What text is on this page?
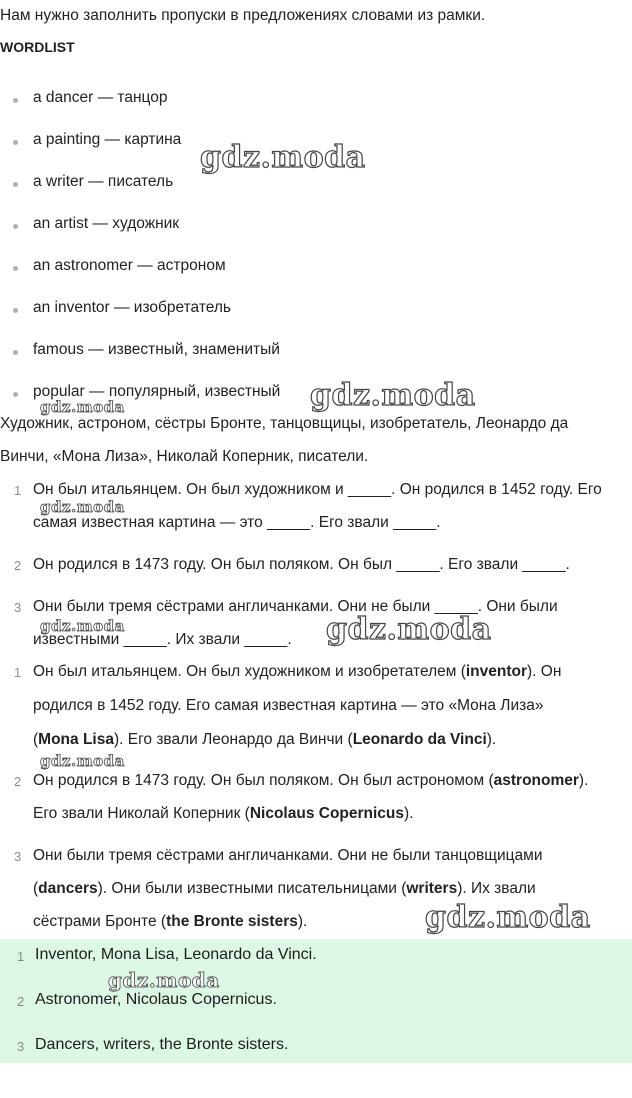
Нам нужно заполнить пропуски в предложениях словами из рамки.
WORDLIST
a dancer — танцор
a painting — картина
a writer — писатель
an artist — художник
an astronomer — астроном
an inventor — изобретатель
famous — известный, знаменитый
popular — популярный, известный
Художник, астроном, сёстры Бронте, танцовщицы, изобретатель, Леонардо да
Винчи, «Мона Лиза», Николай Коперник, писатели.
1 Он был итальянцем. Он был художником и _____. Он родился в 1452 году. Его
самая известная картина — это _____. Его звали _____.
2 Он родился в 1473 году. Он был поляком. Он был _____. Его звали _____.
3 Они были тремя сёстрами англичанками. Они не были _____. Они были
известными _____. Их звали _____.
1 Он был итальянцем. Он был художником и изобретателем (inventor). Он
родился в 1452 году. Его самая известная картина — это «Мона Лиза»
(Mona Lisa). Его звали Леонардо да Винчи (Leonardo da Vinci).
2 Он родился в 1473 году. Он был поляком. Он был астрономом (astronomer).
Его звали Николай Коперник (Nicolaus Copernicus).
3 Они были тремя сёстрами англичанками. Они не были танцовщицами
(dancers). Они были известными писательницами (writers). Их звали
сёстрами Бронте (the Bronte sisters).
1 Inventor, Mona Lisa, Leonardo da Vinci.
2 Astronomer, Nicolaus Copernicus.
3 Dancers, writers, the Bronte sisters.
gdz.moda
gdz.moda
gdz.moda
gdz.moda
gdz.moda	gdz.moda
gdz.moda
gdz.moda
gdz.moda
